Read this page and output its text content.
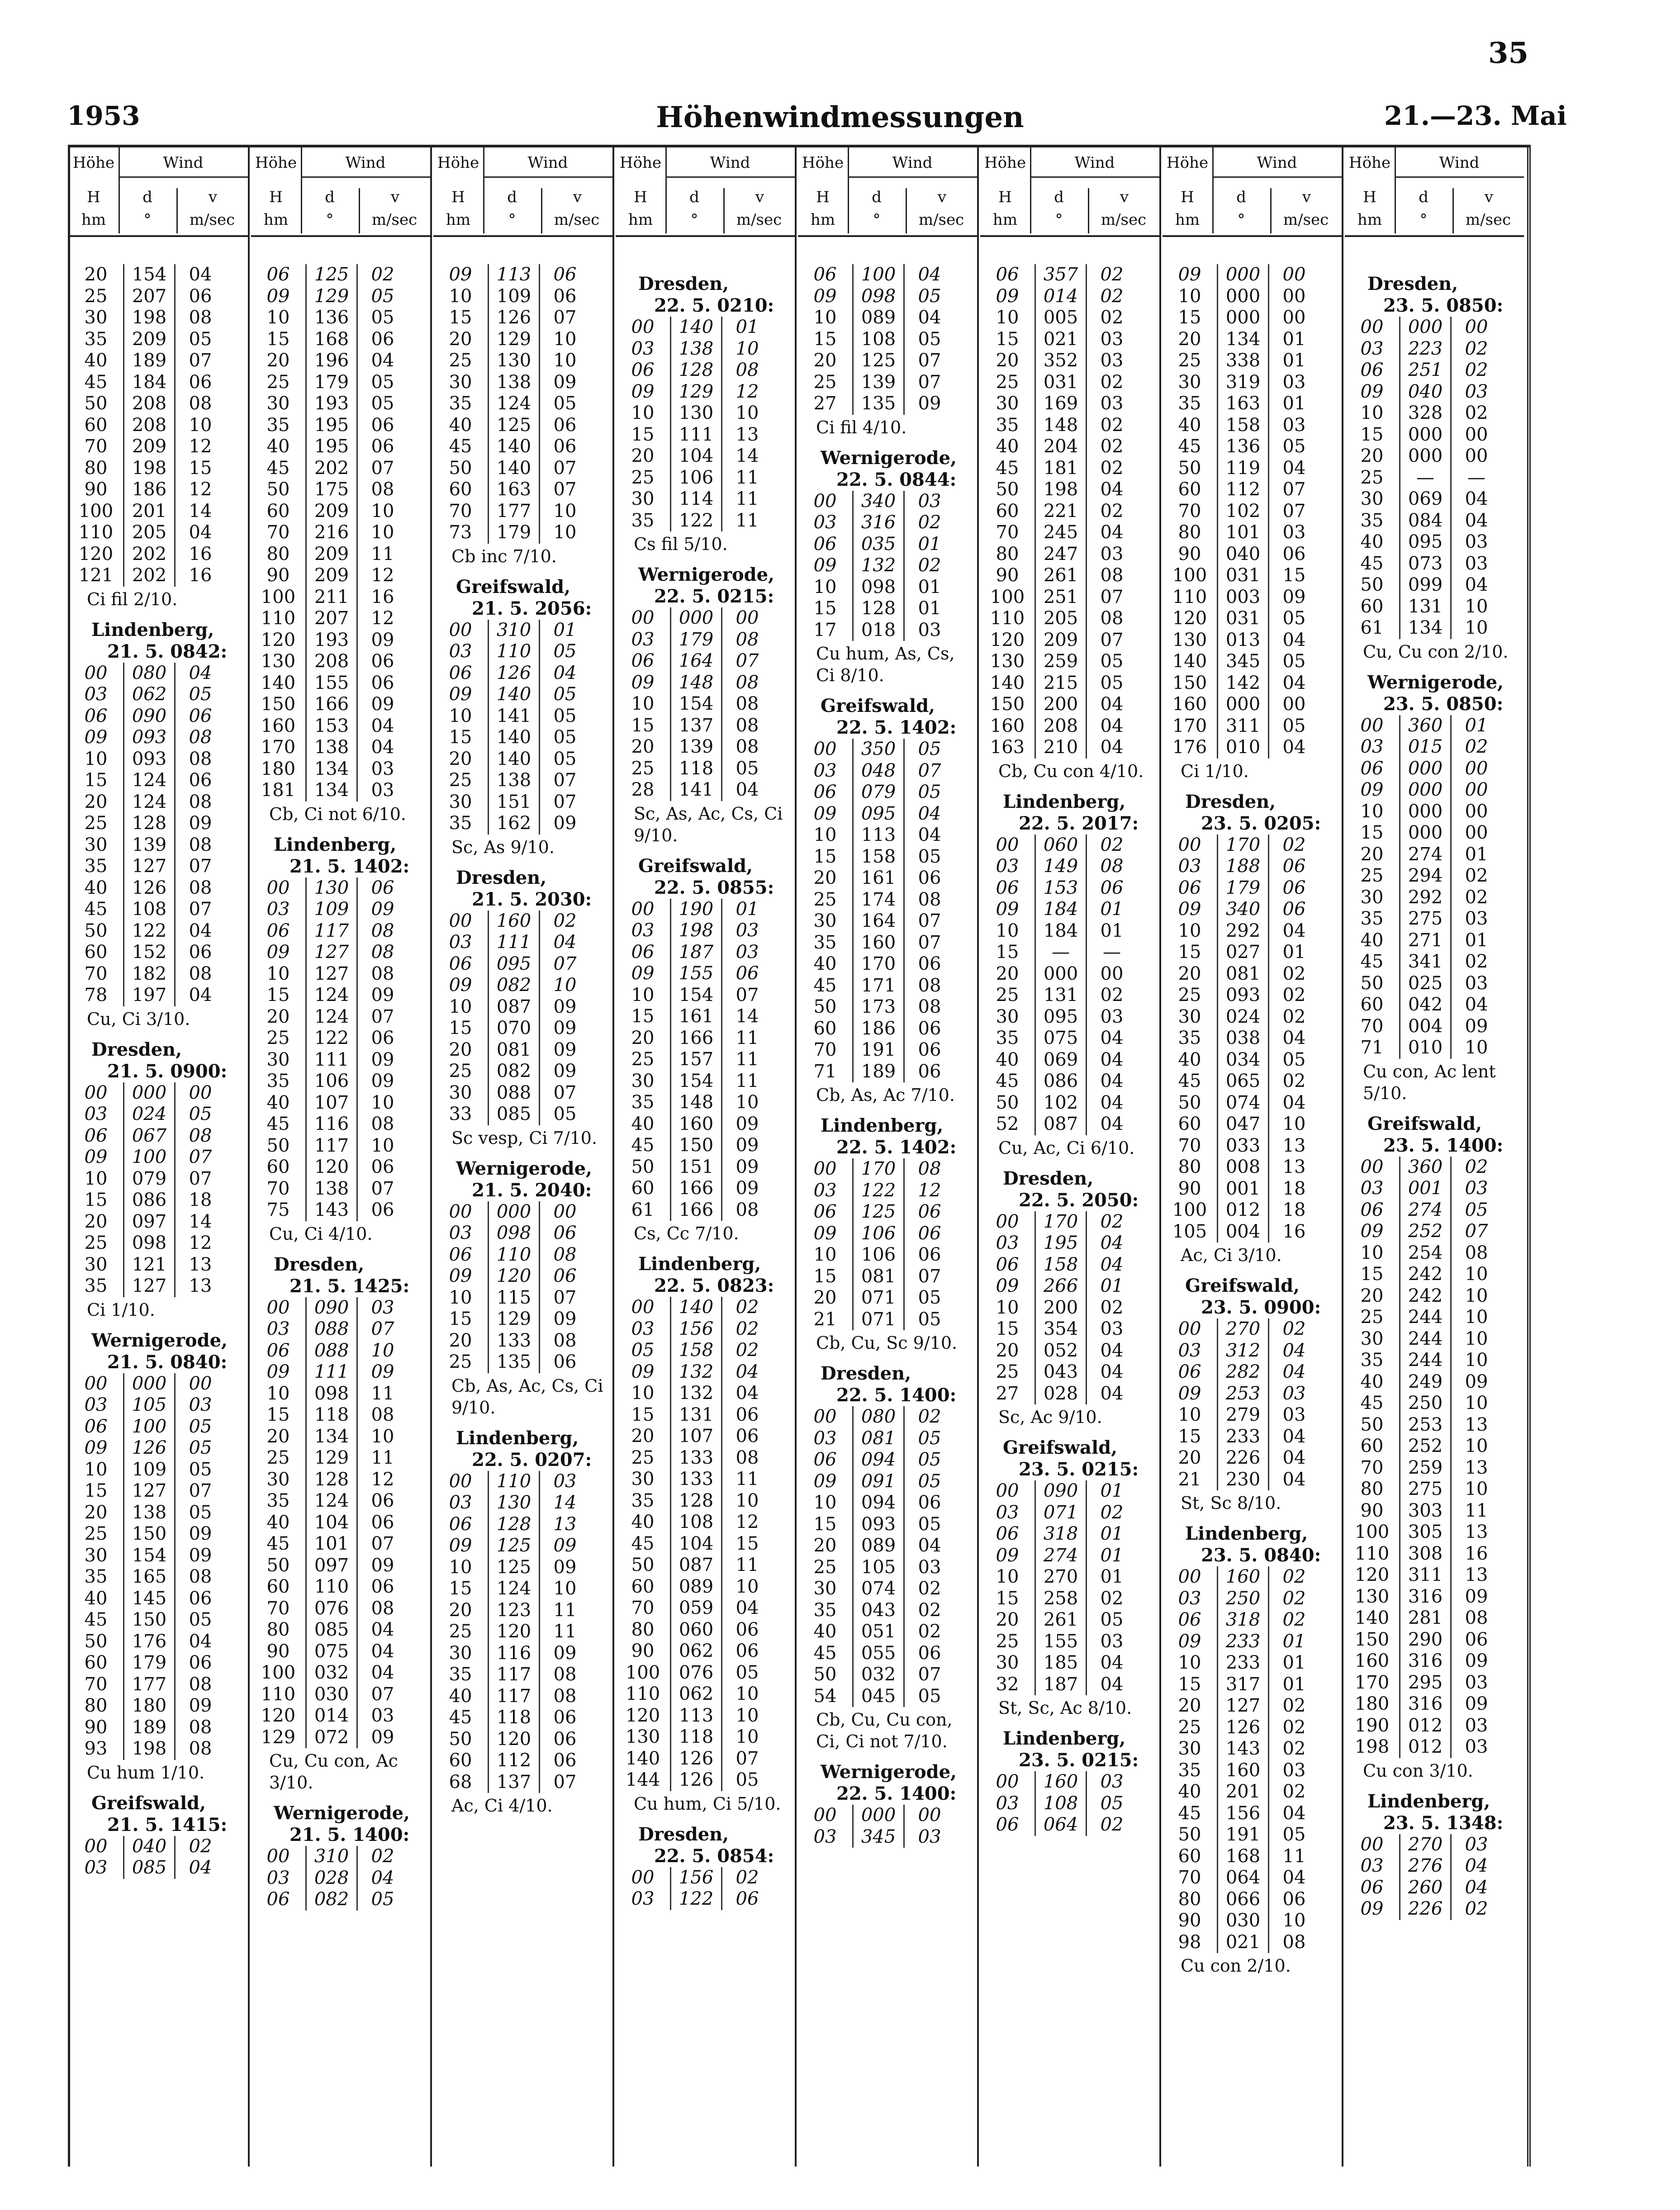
35
1953	Höhenwindmessungen	21.—23. Mai
Höhe
H
hm
Wind
d
°
v
m/sec
20	154	04
25	207	06
30	198	08
35	209	05
40	189	07
45	184	06
50	208	08
60	208	10
70	209	12
80	198	15
90	186	12
100	201	14
110	205	04
120	202	16
121	202	16
Ci fil 2/10.
Lindenberg,
21. 5. 0842:
00	080	04
03	062	05
06	090	06
09	093	08
10	093	08
15	124	06
20	124	08
25	128	09
30	139	08
35	127	07
40	126	08
45	108	07
50	122	04
60	152	06
70	182	08
78	197	04
Cu, Ci 3/10.
Dresden,
21. 5. 0900:
00	000	00
03	024	05
06	067	08
09	100	07
10	079	07
15	086	18
20	097	14
25	098	12
30	121	13
35	127	13
Ci 1/10.
Wernigerode,
21. 5. 0840:
00	000	00
03	105	03
06	100	05
09	126	05
10	109	05
15	127	07
20	138	05
25	150	09
30	154	09
35	165	08
40	145	06
45	150	05
50	176	04
60	179	06
70	177	08
80	180	09
90	189	08
93	198	08
Cu hum 1/10.
Greifswald,
21. 5. 1415:
00	040	02
03	085	04
Höhe
H
hm
Wind
d
°
v
m/sec
06	125	02
09	129	05
10	136	05
15	168	06
20	196	04
25	179	05
30	193	05
35	195	06
40	195	06
45	202	07
50	175	08
60	209	10
70	216	10
80	209	11
90	209	12
100	211	16
110	207	12
120	193	09
130	208	06
140	155	06
150	166	09
160	153	04
170	138	04
180	134	03
181	134	03
Cb, Ci not 6/10.
Lindenberg,
21. 5. 1402:
00	130	06
03	109	09
06	117	08
09	127	08
10	127	08
15	124	09
20	124	07
25	122	06
30	111	09
35	106	09
40	107	10
45	116	08
50	117	10
60	120	06
70	138	07
75	143	06
Cu, Ci 4/10.
Dresden,
21. 5. 1425:
00	090	03
03	088	07
06	088	10
09	111	09
10	098	11
15	118	08
20	134	10
25	129	11
30	128	12
35	124	06
40	104	06
45	101	07
50	097	09
60	110	06
70	076	08
80	085	04
90	075	04
100	032	04
110	030	07
120	014	03
129	072	09
Cu, Cu con, Ac 3/10.
Wernigerode,
21. 5. 1400:
00	310	02
03	028	04
06	082	05
Höhe
H
hm
Wind
d
°
v
m/sec
09	113	06
10	109	06
15	126	07
20	129	10
25	130	10
30	138	09
35	124	05
40	125	06
45	140	06
50	140	07
60	163	07
70	177	10
73	179	10
Cb inc 7/10.
Greifswald,
21. 5. 2056:
00	310	01
03	110	05
06	126	04
09	140	05
10	141	05
15	140	05
20	140	05
25	138	07
30	151	07
35	162	09
Sc, As 9/10.
Dresden,
21. 5. 2030:
00	160	02
03	111	04
06	095	07
09	082	10
10	087	09
15	070	09
20	081	09
25	082	09
30	088	07
33	085	05
Sc vesp, Ci 7/10.
Wernigerode,
21. 5. 2040:
00	000	00
03	098	06
06	110	08
09	120	06
10	115	07
15	129	09
20	133	08
25	135	06
Cb, As, Ac, Cs, Ci 9/10.
Lindenberg,
22. 5. 0207:
00	110	03
03	130	14
06	128	13
09	125	09
10	125	09
15	124	10
20	123	11
25	120	11
30	116	09
35	117	08
40	117	08
45	118	06
50	120	06
60	112	06
68	137	07
Ac, Ci 4/10.
Höhe
H
hm
Wind
d
°
v
m/sec
Dresden,
22. 5. 0210:
00	140	01
03	138	10
06	128	08
09	129	12
10	130	10
15	111	13
20	104	14
25	106	11
30	114	11
35	122	11
Cs fil 5/10.
Wernigerode,
22. 5. 0215:
00	000	00
03	179	08
06	164	07
09	148	08
10	154	08
15	137	08
20	139	08
25	118	05
28	141	04
Sc, As, Ac, Cs, Ci 9/10.
Greifswald,
22. 5. 0855:
00	190	01
03	198	03
06	187	03
09	155	06
10	154	07
15	161	14
20	166	11
25	157	11
30	154	11
35	148	10
40	160	09
45	150	09
50	151	09
60	166	09
61	166	08
Cs, Cc 7/10.
Lindenberg,
22. 5. 0823:
00	140	02
03	156	02
05	158	02
09	132	04
10	132	04
15	131	06
20	107	06
25	133	08
30	133	11
35	128	10
40	108	12
45	104	15
50	087	11
60	089	10
70	059	04
80	060	06
90	062	06
100	076	05
110	062	10
120	113	10
130	118	10
140	126	07
144	126	05
Cu hum, Ci 5/10.
Dresden,
22. 5. 0854:
00	156	02
03	122	06
Höhe
H
hm
Wind
d
°
v
m/sec
06	100	04
09	098	05
10	089	04
15	108	05
20	125	07
25	139	07
27	135	09
Ci fil 4/10.
Wernigerode,
22. 5. 0844:
00	340	03
03	316	02
06	035	01
09	132	02
10	098	01
15	128	01
17	018	03
Cu hum, As, Cs, Ci 8/10.
Greifswald,
22. 5. 1402:
00	350	05
03	048	07
06	079	05
09	095	04
10	113	04
15	158	05
20	161	06
25	174	08
30	164	07
35	160	07
40	170	06
45	171	08
50	173	08
60	186	06
70	191	06
71	189	06
Cb, As, Ac 7/10.
Lindenberg,
22. 5. 1402:
00	170	08
03	122	12
06	125	06
09	106	06
10	106	06
15	081	07
20	071	05
21	071	05
Cb, Cu, Sc 9/10.
Dresden,
22. 5. 1400:
00	080	02
03	081	05
06	094	05
09	091	05
10	094	06
15	093	05
20	089	04
25	105	03
30	074	02
35	043	02
40	051	02
45	055	06
50	032	07
54	045	05
Cb, Cu, Cu con, Ci, Ci not 7/10.
Wernigerode,
22. 5. 1400:
00	000	00
03	345	03
Höhe
H
hm
Wind
d
°
v
m/sec
06	357	02
09	014	02
10	005	02
15	021	03
20	352	03
25	031	02
30	169	03
35	148	02
40	204	02
45	181	02
50	198	04
60	221	02
70	245	04
80	247	03
90	261	08
100	251	07
110	205	08
120	209	07
130	259	05
140	215	05
150	200	04
160	208	04
163	210	04
Cb, Cu con 4/10.
Lindenberg,
22. 5. 2017:
00	060	02
03	149	08
06	153	06
09	184	01
10	184	01
15	—	—
20	000	00
25	131	02
30	095	03
35	075	04
40	069	04
45	086	04
50	102	04
52	087	04
Cu, Ac, Ci 6/10.
Dresden,
22. 5. 2050:
00	170	02
03	195	04
06	158	04
09	266	01
10	200	02
15	354	03
20	052	04
25	043	04
27	028	04
Sc, Ac 9/10.
Greifswald,
23. 5. 0215:
00	090	01
03	071	02
06	318	01
09	274	01
10	270	01
15	258	02
20	261	05
25	155	03
30	185	04
32	187	04
St, Sc, Ac 8/10.
Lindenberg,
23. 5. 0215:
00	160	03
03	108	05
06	064	02
Höhe
H
hm
Wind
d
°
v
m/sec
09	000	00
10	000	00
15	000	00
20	134	01
25	338	01
30	319	03
35	163	01
40	158	03
45	136	05
50	119	04
60	112	07
70	102	07
80	101	03
90	040	06
100	031	15
110	003	09
120	031	05
130	013	04
140	345	05
150	142	04
160	000	00
170	311	05
176	010	04
Ci 1/10.
Dresden,
23. 5. 0205:
00	170	02
03	188	06
06	179	06
09	340	06
10	292	04
15	027	01
20	081	02
25	093	02
30	024	02
35	038	04
40	034	05
45	065	02
50	074	04
60	047	10
70	033	13
80	008	13
90	001	18
100	012	18
105	004	16
Ac, Ci 3/10.
Greifswald,
23. 5. 0900:
00	270	02
03	312	04
06	282	04
09	253	03
10	279	03
15	233	04
20	226	04
21	230	04
St, Sc 8/10.
Lindenberg,
23. 5. 0840:
00	160	02
03	250	02
06	318	02
09	233	01
10	233	01
15	317	01
20	127	02
25	126	02
30	143	02
35	160	03
40	201	02
45	156	04
50	191	05
60	168	11
70	064	04
80	066	06
90	030	10
98	021	08
Cu con 2/10.
Höhe
H
hm
Wind
d
°
v
m/sec
Dresden,
23. 5. 0850:
00	000	00
03	223	02
06	251	02
09	040	03
10	328	02
15	000	00
20	000	00
25	—	—
30	069	04
35	084	04
40	095	03
45	073	03
50	099	04
60	131	10
61	134	10
Cu, Cu con 2/10.
Wernigerode,
23. 5. 0850:
00	360	01
03	015	02
06	000	00
09	000	00
10	000	00
15	000	00
20	274	01
25	294	02
30	292	02
35	275	03
40	271	01
45	341	02
50	025	03
60	042	04
70	004	09
71	010	10
Cu con, Ac lent 5/10.
Greifswald,
23. 5. 1400:
00	360	02
03	001	03
06	274	05
09	252	07
10	254	08
15	242	10
20	242	10
25	244	10
30	244	10
35	244	10
40	249	09
45	250	10
50	253	13
60	252	10
70	259	13
80	275	10
90	303	11
100	305	13
110	308	16
120	311	13
130	316	09
140	281	08
150	290	06
160	316	09
170	295	03
180	316	09
190	012	03
198	012	03
Cu con 3/10.
Lindenberg,
23. 5. 1348:
00	270	03
03	276	04
06	260	04
09	226	02
